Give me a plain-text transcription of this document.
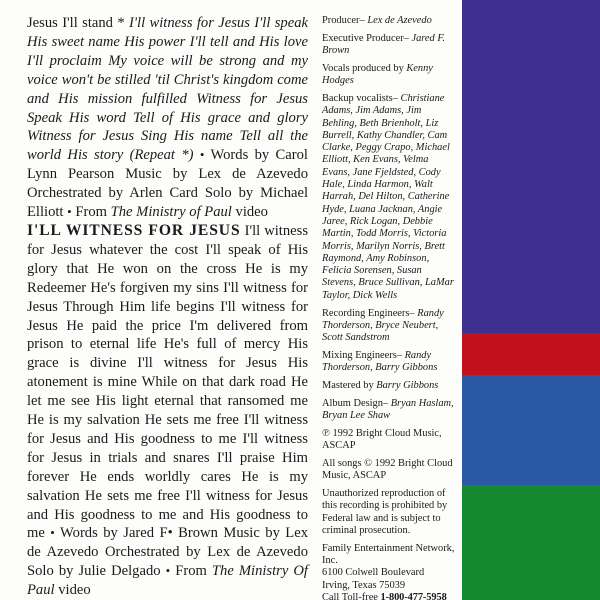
Jesus I'll stand * I'll witness for Jesus I'll speak His sweet name His power I'll tell and His love I'll proclaim My voice will be strong and my voice won't be stilled 'til Christ's kingdom come and His mission fulfilled Witness for Jesus Speak His word Tell of His grace and glory Witness for Jesus Sing His name Tell all the world His story (Repeat *) • Words by Carol Lynn Pearson Music by Lex de Azevedo Orchestrated by Arlen Card Solo by Michael Elliott • From The Ministry of Paul video

I'LL WITNESS FOR JESUS I'll witness for Jesus whatever the cost I'll speak of His glory that He won on the cross He is my Redeemer He's forgiven my sins I'll witness for Jesus Through Him life begins I'll witness for Jesus He paid the price I'm delivered from prison to eternal life He's full of mercy His grace is divine I'll witness for Jesus His atonement is mine While on that dark road He let me see His light eternal that ransomed me He is my salvation He sets me free I'll witness for Jesus and His goodness to me I'll witness for Jesus in trials and snares I'll praise Him forever He ends worldly cares He is my salvation He sets me free I'll witness for Jesus and His goodness to me and His goodness to me • Words by Jared F• Brown Music by Lex de Azevedo Orchestrated by Lex de Azevedo Solo by Julie Delgado • From The Ministry Of Paul video

Producer– Lex de Azevedo

Executive Producer– Jared F. Brown

Vocals produced by Kenny Hodges

Backup vocalists– Christiane Adams, Jim Adams, Jim Behling, Beth Brienholt, Liz Burrell, Kathy Chandler, Cam Clarke, Peggy Crapo, Michael Elliott, Ken Evans, Velma Evans, Jane Fjeldsted, Cody Hale, Linda Harmon, Walt Harrah, Del Hilton, Catherine Hyde, Luana Jacknan, Angie Jaree, Rick Logan, Debbie Martin, Todd Morris, Victoria Morris, Marilyn Norris, Brett Raymond, Amy Robinson, Felicia Sorensen, Susan Stevens, Bruce Sullivan, LaMar Taylor, Dick Wells

Recording Engineers– Randy Thorderson, Bryce Neubert, Scott Sandstrom

Mixing Engineers– Randy Thorderson, Barry Gibbons

Mastered by Barry Gibbons

Album Design– Bryan Haslam, Bryan Lee Shaw

℗ 1992 Bright Cloud Music, ASCAP

All songs © 1992 Bright Cloud Music, ASCAP

Unauthorized reproduction of this recording is prohibited by Federal law and is subject to criminal prosecution.

Family Entertainment Network, Inc.
6100 Colwell Boulevard
Irving, Texas 75039
Call Toll-free 1-800-477-5958
